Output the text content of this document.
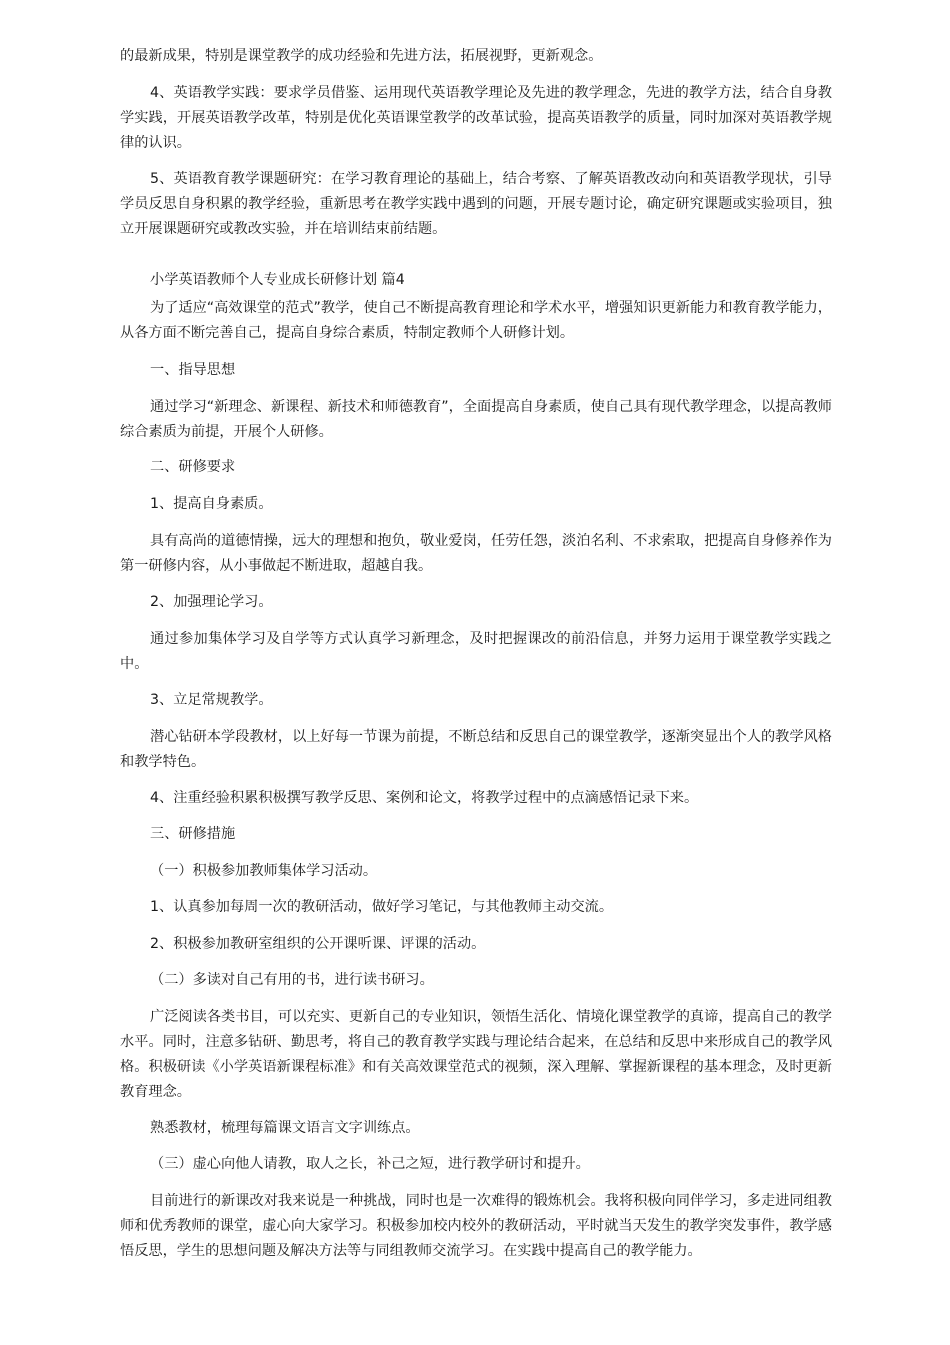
的最新成果，特别是课堂教学的成功经验和先进方法，拓展视野，更新观念。

4、英语教学实践：要求学员借鉴、运用现代英语教学理论及先进的教学理念，先进的教学方法，结合自身教学实践，开展英语教学改革，特别是优化英语课堂教学的改革试验，提高英语教学的质量，同时加深对英语教学规律的认识。

5、英语教育教学课题研究：在学习教育理论的基础上，结合考察、了解英语教改动向和英语教学现状，引导学员反思自身积累的教学经验，重新思考在教学实践中遇到的问题，开展专题讨论，确定研究课题或实验项目，独立开展课题研究或教改实验，并在培训结束前结题。

小学英语教师个人专业成长研修计划 篇4

为了适应“高效课堂的范式”教学，使自己不断提高教育理论和学术水平，增强知识更新能力和教育教学能力，从各方面不断完善自己，提高自身综合素质，特制定教师个人研修计划。

一、指导思想

通过学习“新理念、新课程、新技术和师德教育”，全面提高自身素质，使自己具有现代教学理念，以提高教师综合素质为前提，开展个人研修。

二、研修要求

1、提高自身素质。

具有高尚的道德情操，远大的理想和抱负，敬业爱岗，任劳任怨，淡泊名利、不求索取，把提高自身修养作为第一研修内容，从小事做起不断进取，超越自我。

2、加强理论学习。

通过参加集体学习及自学等方式认真学习新理念，及时把握课改的前沿信息，并努力运用于课堂教学实践之中。

3、立足常规教学。

潜心钻研本学段教材，以上好每一节课为前提，不断总结和反思自己的课堂教学，逐渐突显出个人的教学风格和教学特色。

4、注重经验积累积极撰写教学反思、案例和论文，将教学过程中的点滴感悟记录下来。

三、研修措施

（一）积极参加教师集体学习活动。

1、认真参加每周一次的教研活动，做好学习笔记，与其他教师主动交流。

2、积极参加教研室组织的公开课听课、评课的活动。

（二）多读对自己有用的书，进行读书研习。

广泛阅读各类书目，可以充实、更新自己的专业知识，领悟生活化、情境化课堂教学的真谛，提高自己的教学水平。同时，注意多钻研、勤思考，将自己的教育教学实践与理论结合起来，在总结和反思中来形成自己的教学风格。积极研读《小学英语新课程标准》和有关高效课堂范式的视频，深入理解、掌握新课程的基本理念，及时更新教育理念。

熟悉教材，梳理每篇课文语言文字训练点。

（三）虚心向他人请教，取人之长，补己之短，进行教学研讨和提升。

目前进行的新课改对我来说是一种挑战，同时也是一次难得的锻炼机会。我将积极向同伴学习，多走进同组教师和优秀教师的课堂，虚心向大家学习。积极参加校内校外的教研活动，平时就当天发生的教学突发事件，教学感悟反思，学生的思想问题及解决方法等与同组教师交流学习。在实践中提高自己的教学能力。
